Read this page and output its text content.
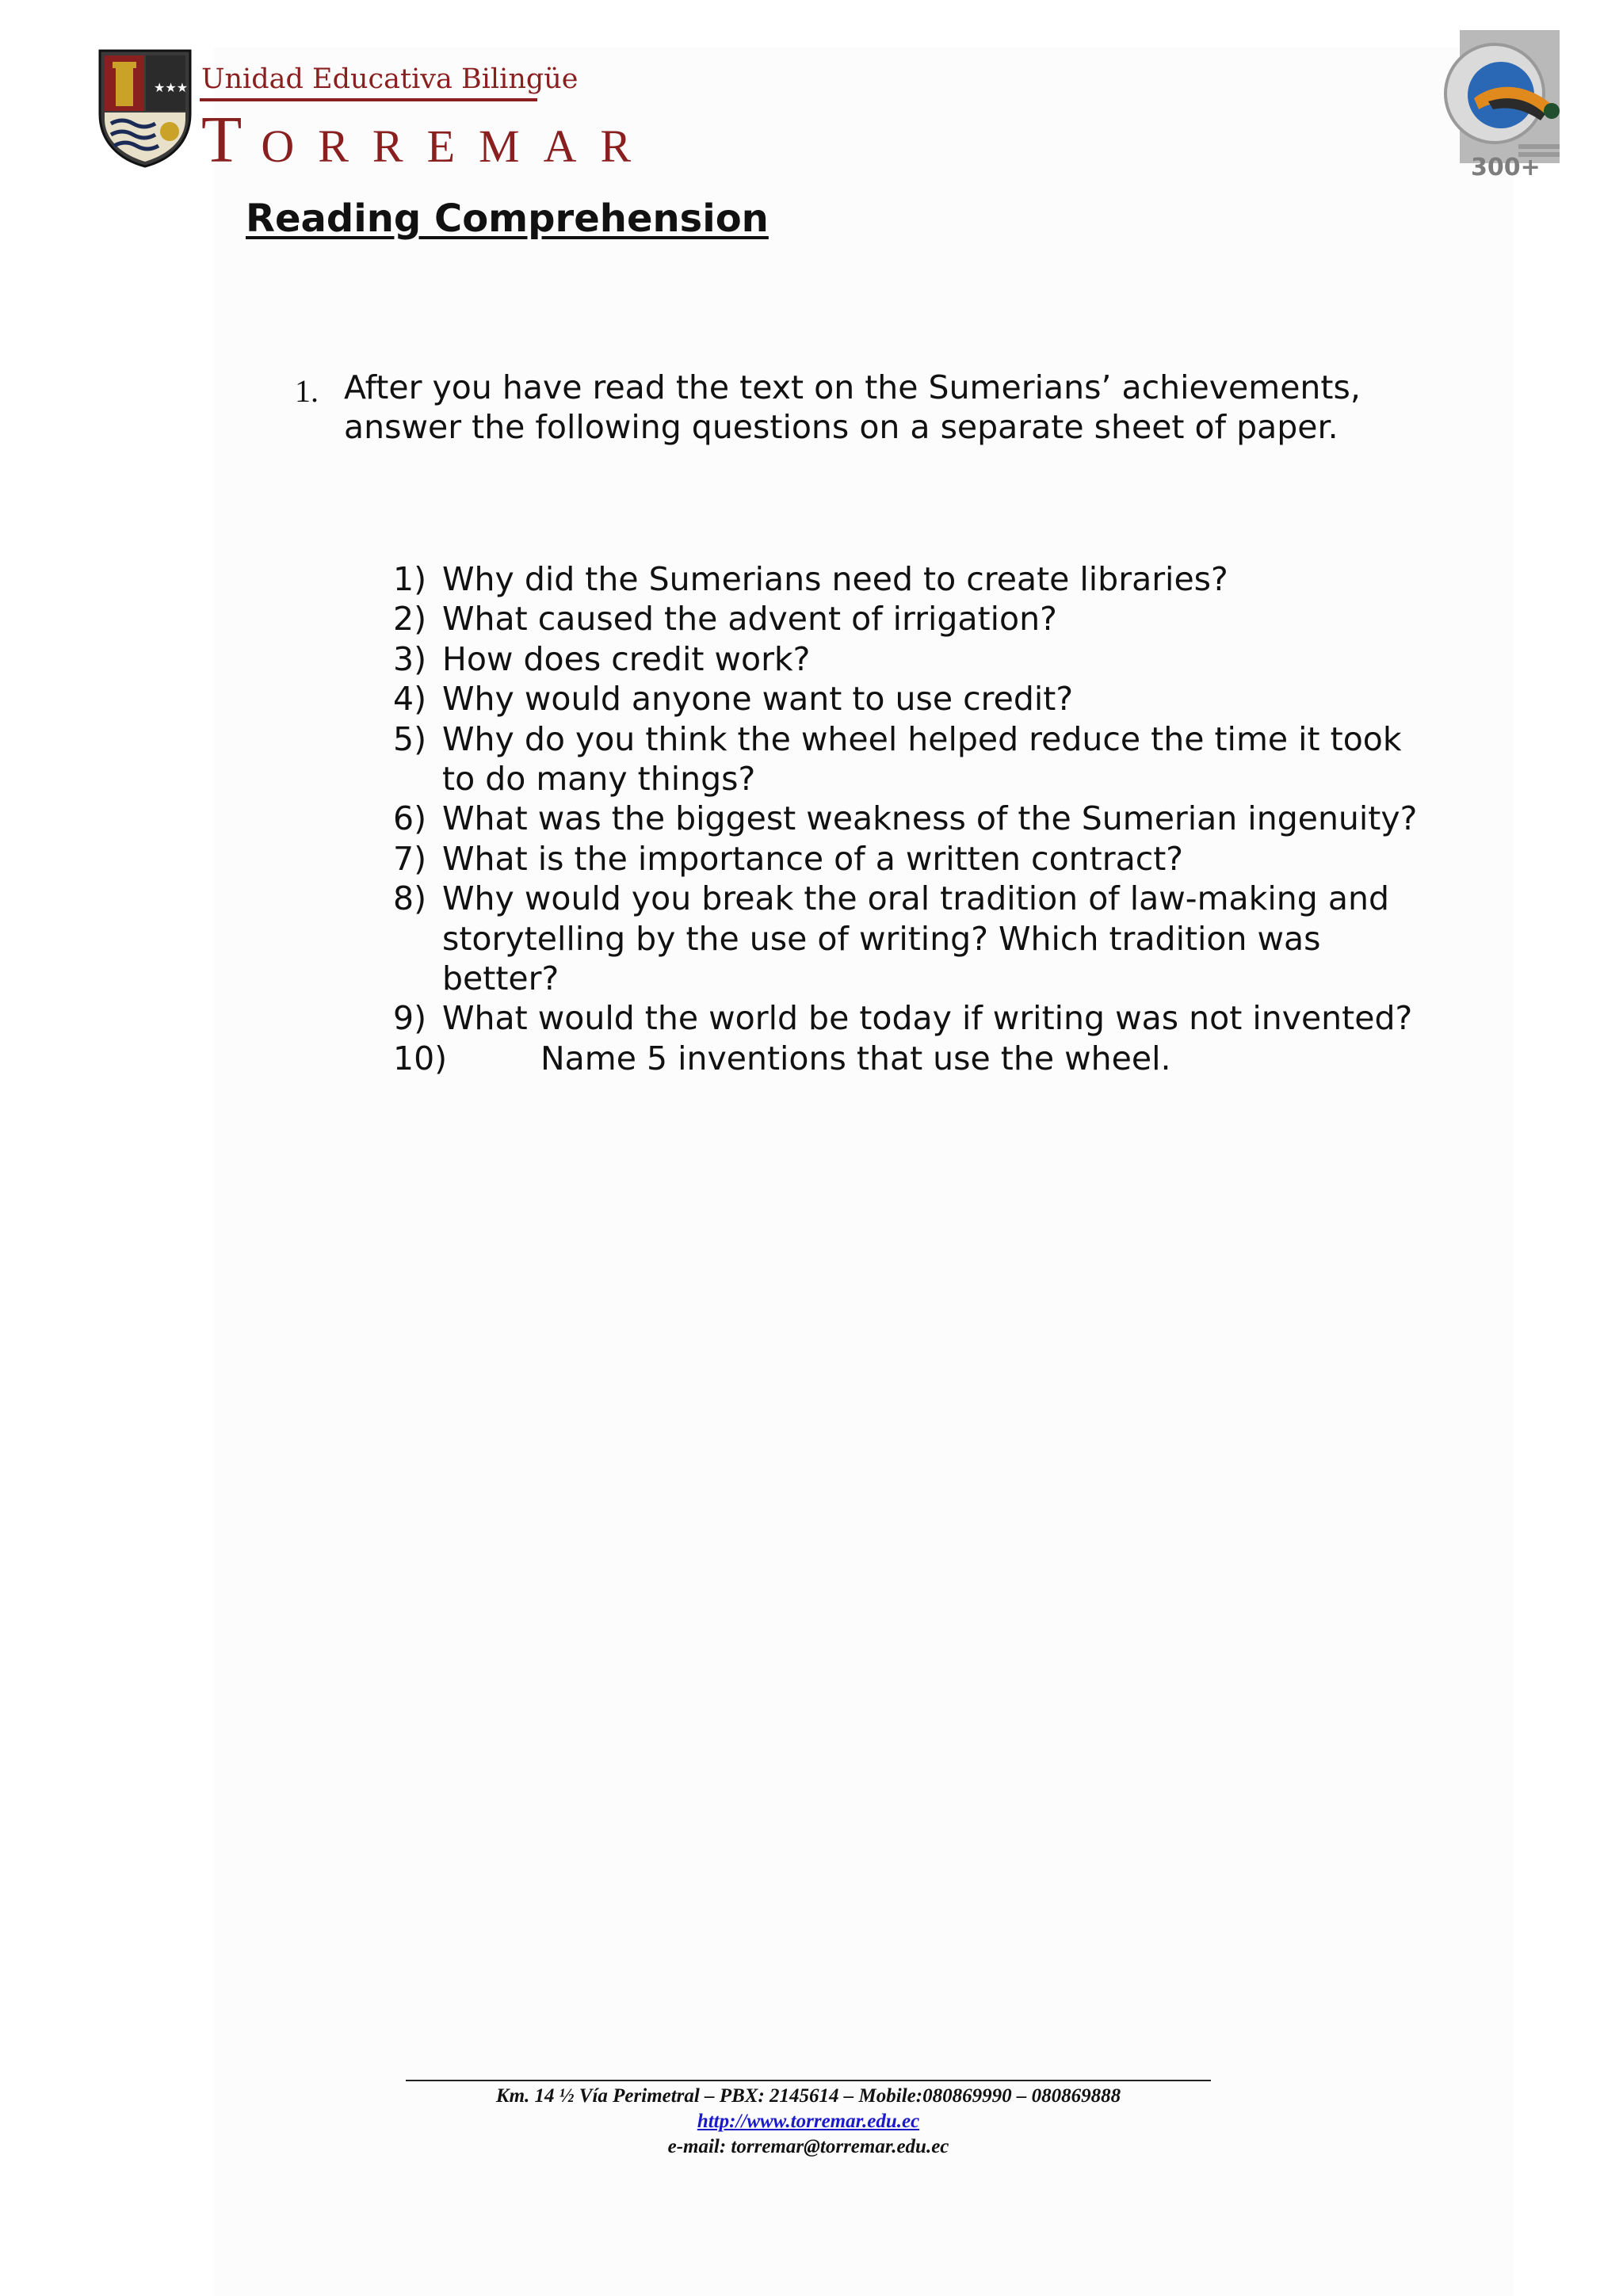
★★★ Unidad Educativa Bilingüe
TORREMAR	300+
Reading Comprehension
1. After you have read the text on the Sumerians’ achievements, answer the following questions on a separate sheet of paper.
1) Why did the Sumerians need to create libraries?
2) What caused the advent of irrigation?
3) How does credit work?
4) Why would anyone want to use credit?
5) Why do you think the wheel helped reduce the time it took to do many things?
6) What was the biggest weakness of the Sumerian ingenuity?
7) What is the importance of a written contract?
8) Why would you break the oral tradition of law-making and storytelling by the use of writing? Which tradition was better?
9) What would the world be today if writing was not invented?
10)	Name 5 inventions that use the wheel.
Km. 14 ½ Vía Perimetral – PBX: 2145614 – Mobile:080869990 – 080869888
http://www.torremar.edu.ec
e-mail: torremar@torremar.edu.ec
